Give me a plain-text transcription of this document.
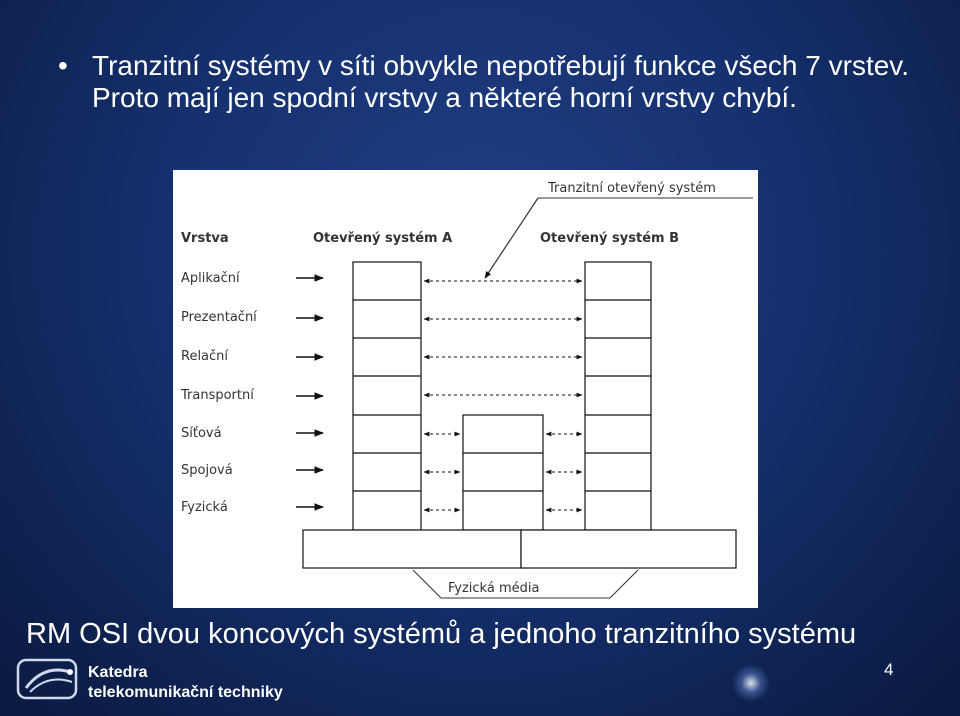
• Tranzitní systémy v síti obvykle nepotřebují funkce všech 7 vrstev. Proto mají jen spodní vrstvy a některé horní vrstvy chybí.
Tranzitní otevřený systém
Vrstva	Otevřený systém A	Otevřený systém B
Aplikační
Prezentační
Relační
Transportní
Síťová
Spojová
Fyzická
Fyzická média
RM OSI dvou koncových systémů a jednoho tranzitního systému
Katedra
telekomunikační techniky
4
